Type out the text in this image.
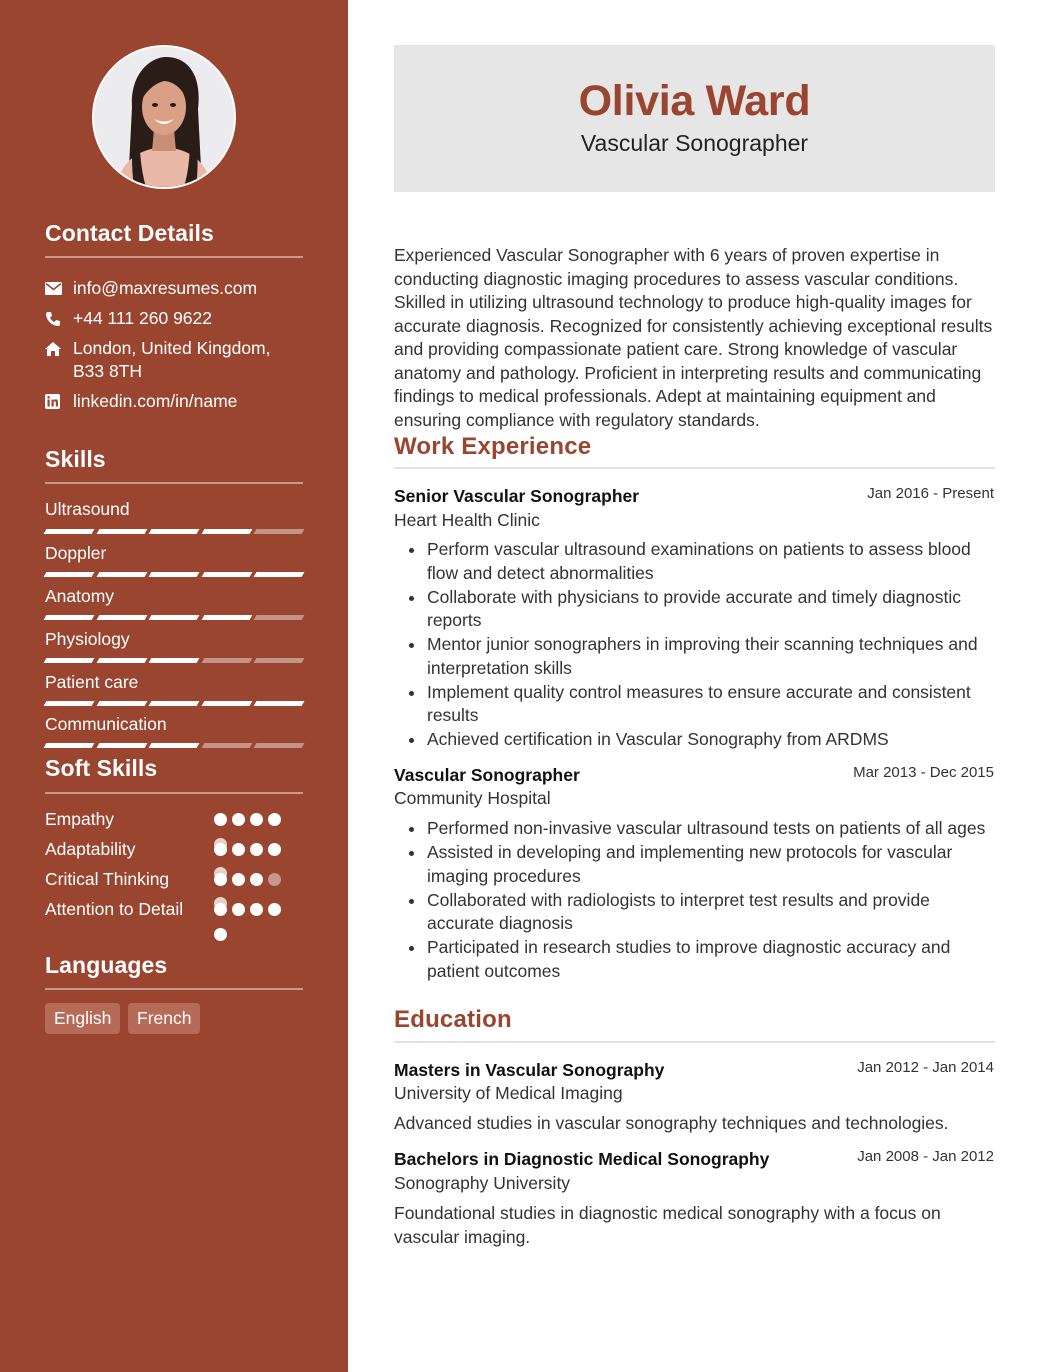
Contact Details
info@maxresumes.com
+44 111 260 9622
London, United Kingdom,
B33 8TH
linkedin.com/in/name
Skills
Ultrasound
Doppler
Anatomy
Physiology
Patient care
Communication
Soft Skills
Empathy
Adaptability
Critical Thinking
Attention to Detail
Languages
English	French
Olivia Ward
Vascular Sonographer

Experienced Vascular Sonographer with 6 years of proven expertise in conducting diagnostic imaging procedures to assess vascular conditions. Skilled in utilizing ultrasound technology to produce high-quality images for accurate diagnosis. Recognized for consistently achieving exceptional results and providing compassionate patient care. Strong knowledge of vascular anatomy and pathology. Proficient in interpreting results and communicating findings to medical professionals. Adept at maintaining equipment and ensuring compliance with regulatory standards.

Work Experience
Senior Vascular Sonographer	Jan 2016 - Present
Heart Health Clinic
Perform vascular ultrasound examinations on patients to assess blood flow and detect abnormalities
Collaborate with physicians to provide accurate and timely diagnostic reports
Mentor junior sonographers in improving their scanning techniques and interpretation skills
Implement quality control measures to ensure accurate and consistent results
Achieved certification in Vascular Sonography from ARDMS
Vascular Sonographer	Mar 2013 - Dec 2015
Community Hospital
Performed non-invasive vascular ultrasound tests on patients of all ages
Assisted in developing and implementing new protocols for vascular imaging procedures
Collaborated with radiologists to interpret test results and provide accurate diagnosis
Participated in research studies to improve diagnostic accuracy and patient outcomes
Education
Masters in Vascular Sonography	Jan 2012 - Jan 2014
University of Medical Imaging

Advanced studies in vascular sonography techniques and technologies.

Bachelors in Diagnostic Medical Sonography	Jan 2008 - Jan 2012
Sonography University

Foundational studies in diagnostic medical sonography with a focus on vascular imaging.
